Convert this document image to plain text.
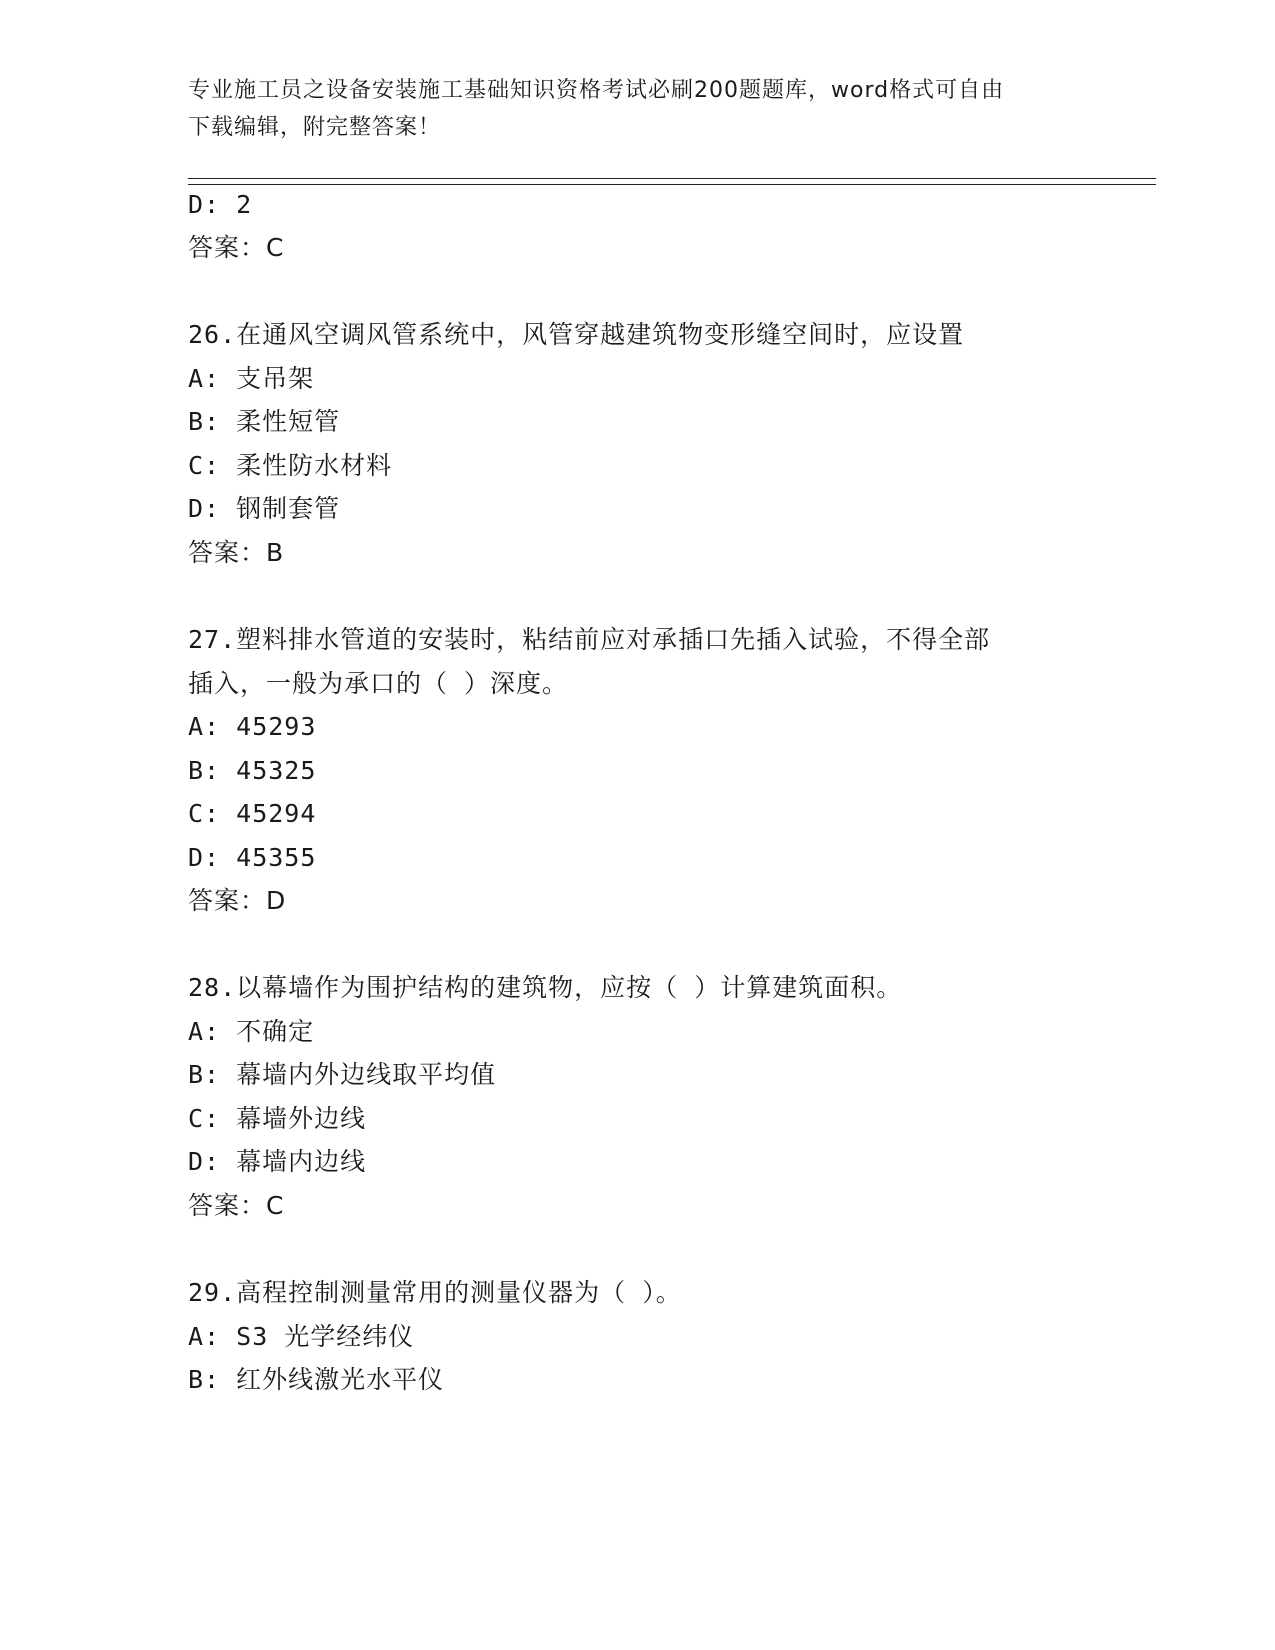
专业施工员之设备安装施工基础知识资格考试必刷200题题库，word格式可自由
下载编辑，附完整答案！
D: 2
答案：C
26.在通风空调风管系统中，风管穿越建筑物变形缝空间时，应设置
A: 支吊架
B: 柔性短管
C: 柔性防水材料
D: 钢制套管
答案：B
27.塑料排水管道的安装时，粘结前应对承插口先插入试验，不得全部
插入，一般为承口的（ ）深度。
A: 45293
B: 45325
C: 45294
D: 45355
答案：D
28.以幕墙作为围护结构的建筑物，应按（ ）计算建筑面积。
A: 不确定
B: 幕墙内外边线取平均值
C: 幕墙外边线
D: 幕墙内边线
答案：C
29.高程控制测量常用的测量仪器为（ ）。
A: S3 光学经纬仪
B: 红外线激光水平仪
